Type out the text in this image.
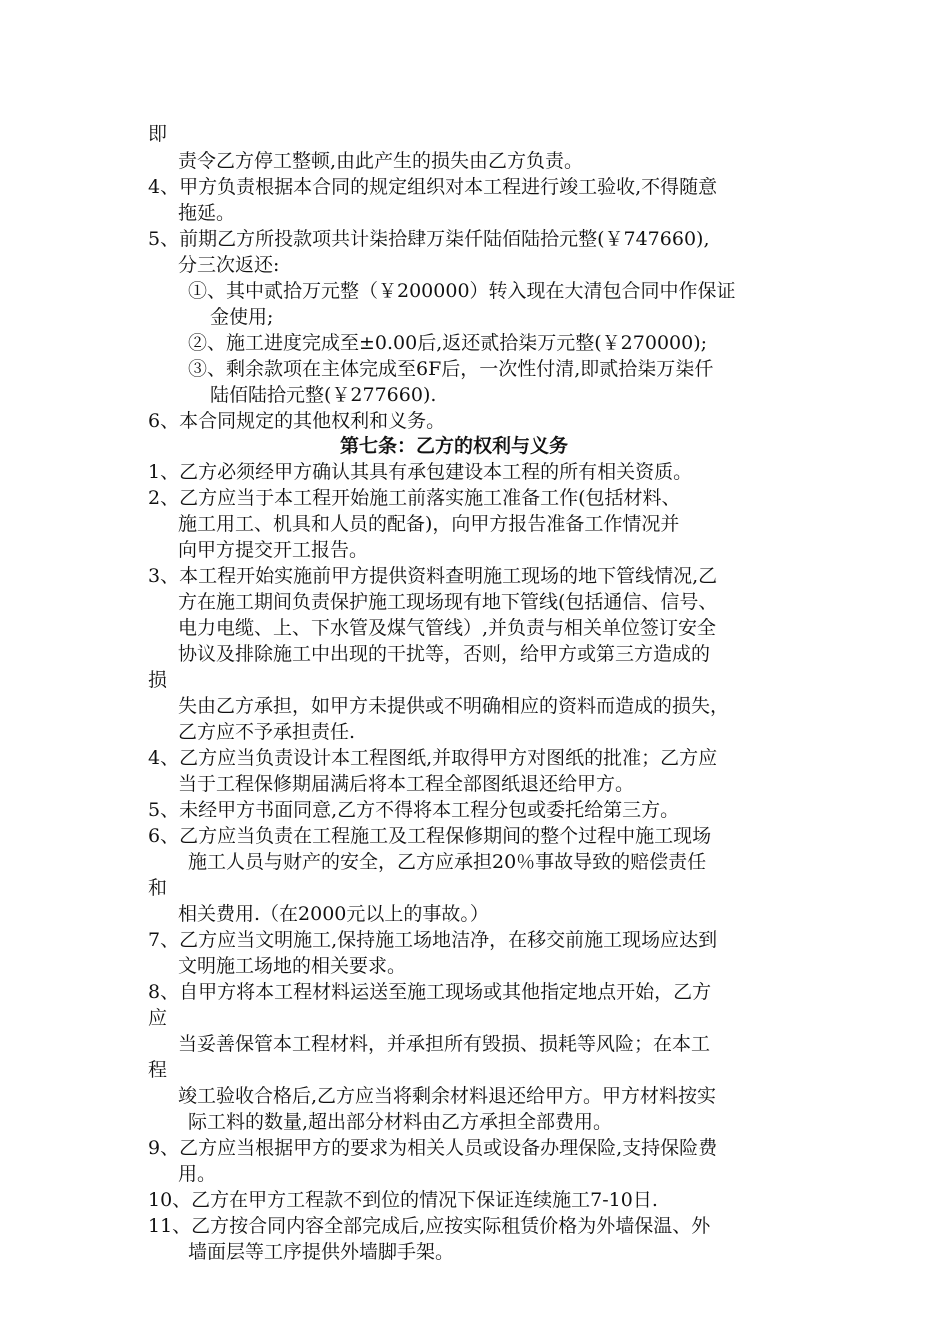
即
责令乙方停工整顿,由此产生的损失由乙方负责。
4、甲方负责根据本合同的规定组织对本工程进行竣工验收,不得随意
拖延。
5、前期乙方所投款项共计柒拾肆万柒仟陆佰陆拾元整(￥747660),
分三次返还:
①、其中贰拾万元整（￥200000）转入现在大清包合同中作保证
金使用;
②、施工进度完成至±0.00后,返还贰拾柒万元整(￥270000);
③、剩余款项在主体完成至6F后，一次性付清,即贰拾柒万柒仟
陆佰陆拾元整(￥277660).
6、本合同规定的其他权利和义务。
第七条：乙方的权利与义务
1、乙方必须经甲方确认其具有承包建设本工程的所有相关资质。
2、乙方应当于本工程开始施工前落实施工准备工作(包括材料、
施工用工、机具和人员的配备)，向甲方报告准备工作情况并
向甲方提交开工报告。
3、本工程开始实施前甲方提供资料查明施工现场的地下管线情况,乙
方在施工期间负责保护施工现场现有地下管线(包括通信、信号、
电力电缆、上、下水管及煤气管线）,并负责与相关单位签订安全
协议及排除施工中出现的干扰等，否则，给甲方或第三方造成的
损
失由乙方承担，如甲方未提供或不明确相应的资料而造成的损失，
乙方应不予承担责任.
4、乙方应当负责设计本工程图纸,并取得甲方对图纸的批准；乙方应
当于工程保修期届满后将本工程全部图纸退还给甲方。
5、未经甲方书面同意,乙方不得将本工程分包或委托给第三方。
6、乙方应当负责在工程施工及工程保修期间的整个过程中施工现场
施工人员与财产的安全，乙方应承担20％事故导致的赔偿责任
和
相关费用.（在2000元以上的事故。）
7、乙方应当文明施工,保持施工场地洁净，在移交前施工现场应达到
文明施工场地的相关要求。
8、自甲方将本工程材料运送至施工现场或其他指定地点开始，乙方
应
当妥善保管本工程材料，并承担所有毁损、损耗等风险；在本工
程
竣工验收合格后,乙方应当将剩余材料退还给甲方。甲方材料按实
际工料的数量,超出部分材料由乙方承担全部费用。
9、乙方应当根据甲方的要求为相关人员或设备办理保险,支持保险费
用。
10、乙方在甲方工程款不到位的情况下保证连续施工7-10日.
11、乙方按合同内容全部完成后,应按实际租赁价格为外墙保温、外
墙面层等工序提供外墙脚手架。
